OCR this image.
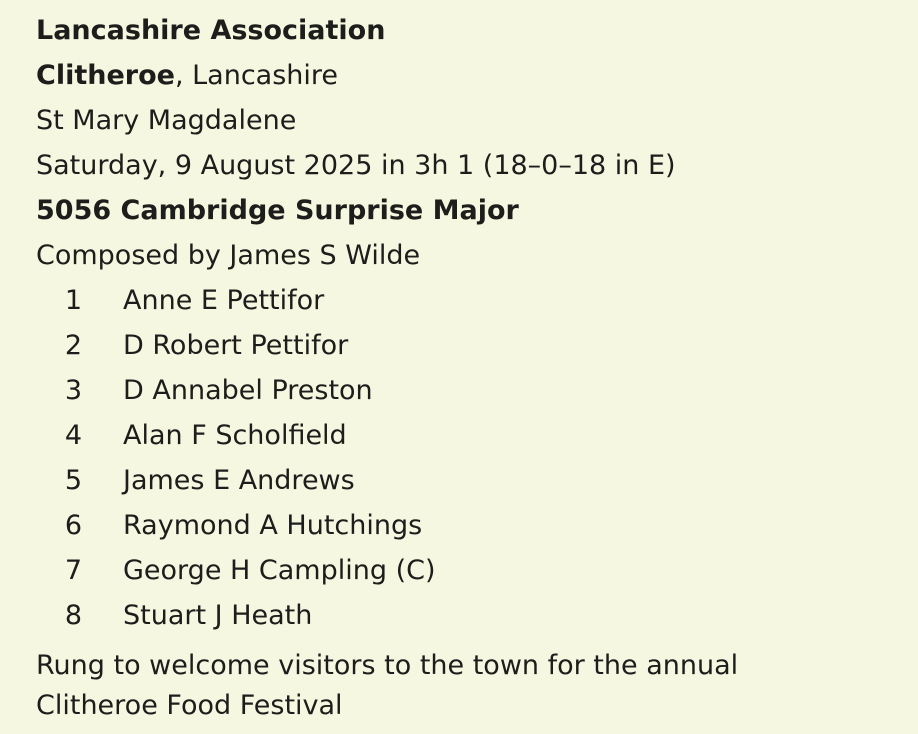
Lancashire Association
Clitheroe, Lancashire
St Mary Magdalene
Saturday, 9 August 2025 in 3h 1 (18–0–18 in E)
5056 Cambridge Surprise Major
Composed by James S Wilde
1 Anne E Pettifor
2 D Robert Pettifor
3 D Annabel Preston
4 Alan F Scholfield
5 James E Andrews
6 Raymond A Hutchings
7 George H Campling (C)
8 Stuart J Heath
Rung to welcome visitors to the town for the annual Clitheroe Food Festival
